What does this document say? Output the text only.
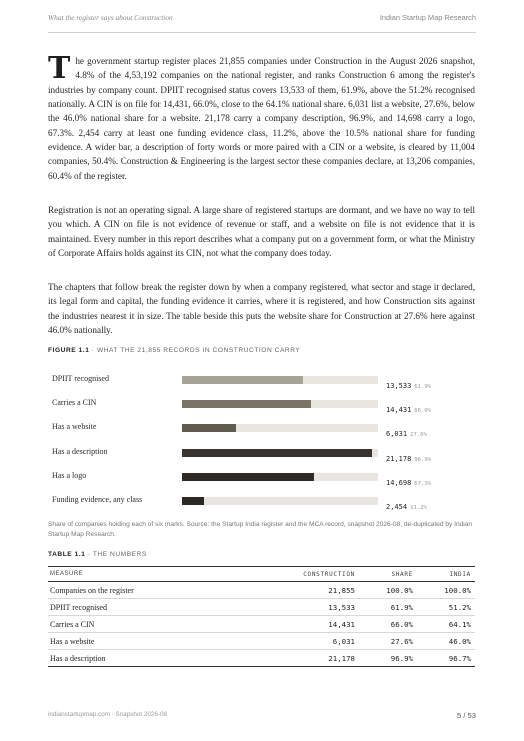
What the register says about Construction	Indian Startup Map Research

The government startup register places 21,855 companies under Construction in the August 2026 snapshot, 4.8% of the 4,53,192 companies on the national register, and ranks Construction 6 among the register's industries by company count. DPIIT recognised status covers 13,533 of them, 61.9%, above the 51.2% recognised nationally. A CIN is on file for 14,431, 66.0%, close to the 64.1% national share. 6,031 list a website, 27.6%, below the 46.0% national share for a website. 21,178 carry a company description, 96.9%, and 14,698 carry a logo, 67.3%. 2,454 carry at least one funding evidence class, 11.2%, above the 10.5% national share for funding evidence. A wider bar, a description of forty words or more paired with a CIN or a website, is cleared by 11,004 companies, 50.4%. Construction & Engineering is the largest sector these companies declare, at 13,206 companies, 60.4% of the register.

Registration is not an operating signal. A large share of registered startups are dormant, and we have no way to tell you which. A CIN on file is not evidence of revenue or staff, and a website on file is not evidence that it is maintained. Every number in this report describes what a company put on a government form, or what the Ministry of Corporate Affairs holds against its CIN, not what the company does today.

The chapters that follow break the register down by when a company registered, what sector and stage it declared, its legal form and capital, the funding evidence it carries, where it is registered, and how Construction sits against the industries nearest it in size. The table beside this puts the website share for Construction at 27.6% here against 46.0% nationally.

FIGURE 1.1 · WHAT THE 21,855 RECORDS IN CONSTRUCTION CARRY
DPIIT recognised
13,533 61.9%
Carries a CIN
14,431 66.0%
Has a website
6,031 27.6%
Has a description
21,178 96.9%
Has a logo
14,698 67.3%
Funding evidence, any class
2,454 11.2%
Share of companies holding each of six marks. Source: the Startup India register and the MCA record, snapshot 2026-08, de-duplicated by Indian Startup Map Research.
TABLE 1.1 · THE NUMBERS
MEASURE	CONSTRUCTION	SHARE	INDIA
Companies on the register	21,855	100.0%	100.0%
DPIIT recognised	13,533	61.9%	51.2%
Carries a CIN	14,431	66.0%	64.1%
Has a website	6,031	27.6%	46.0%
Has a description	21,178	96.9%	96.7%
indianstartupmap.com · Snapshot 2026-08	5 / 53
